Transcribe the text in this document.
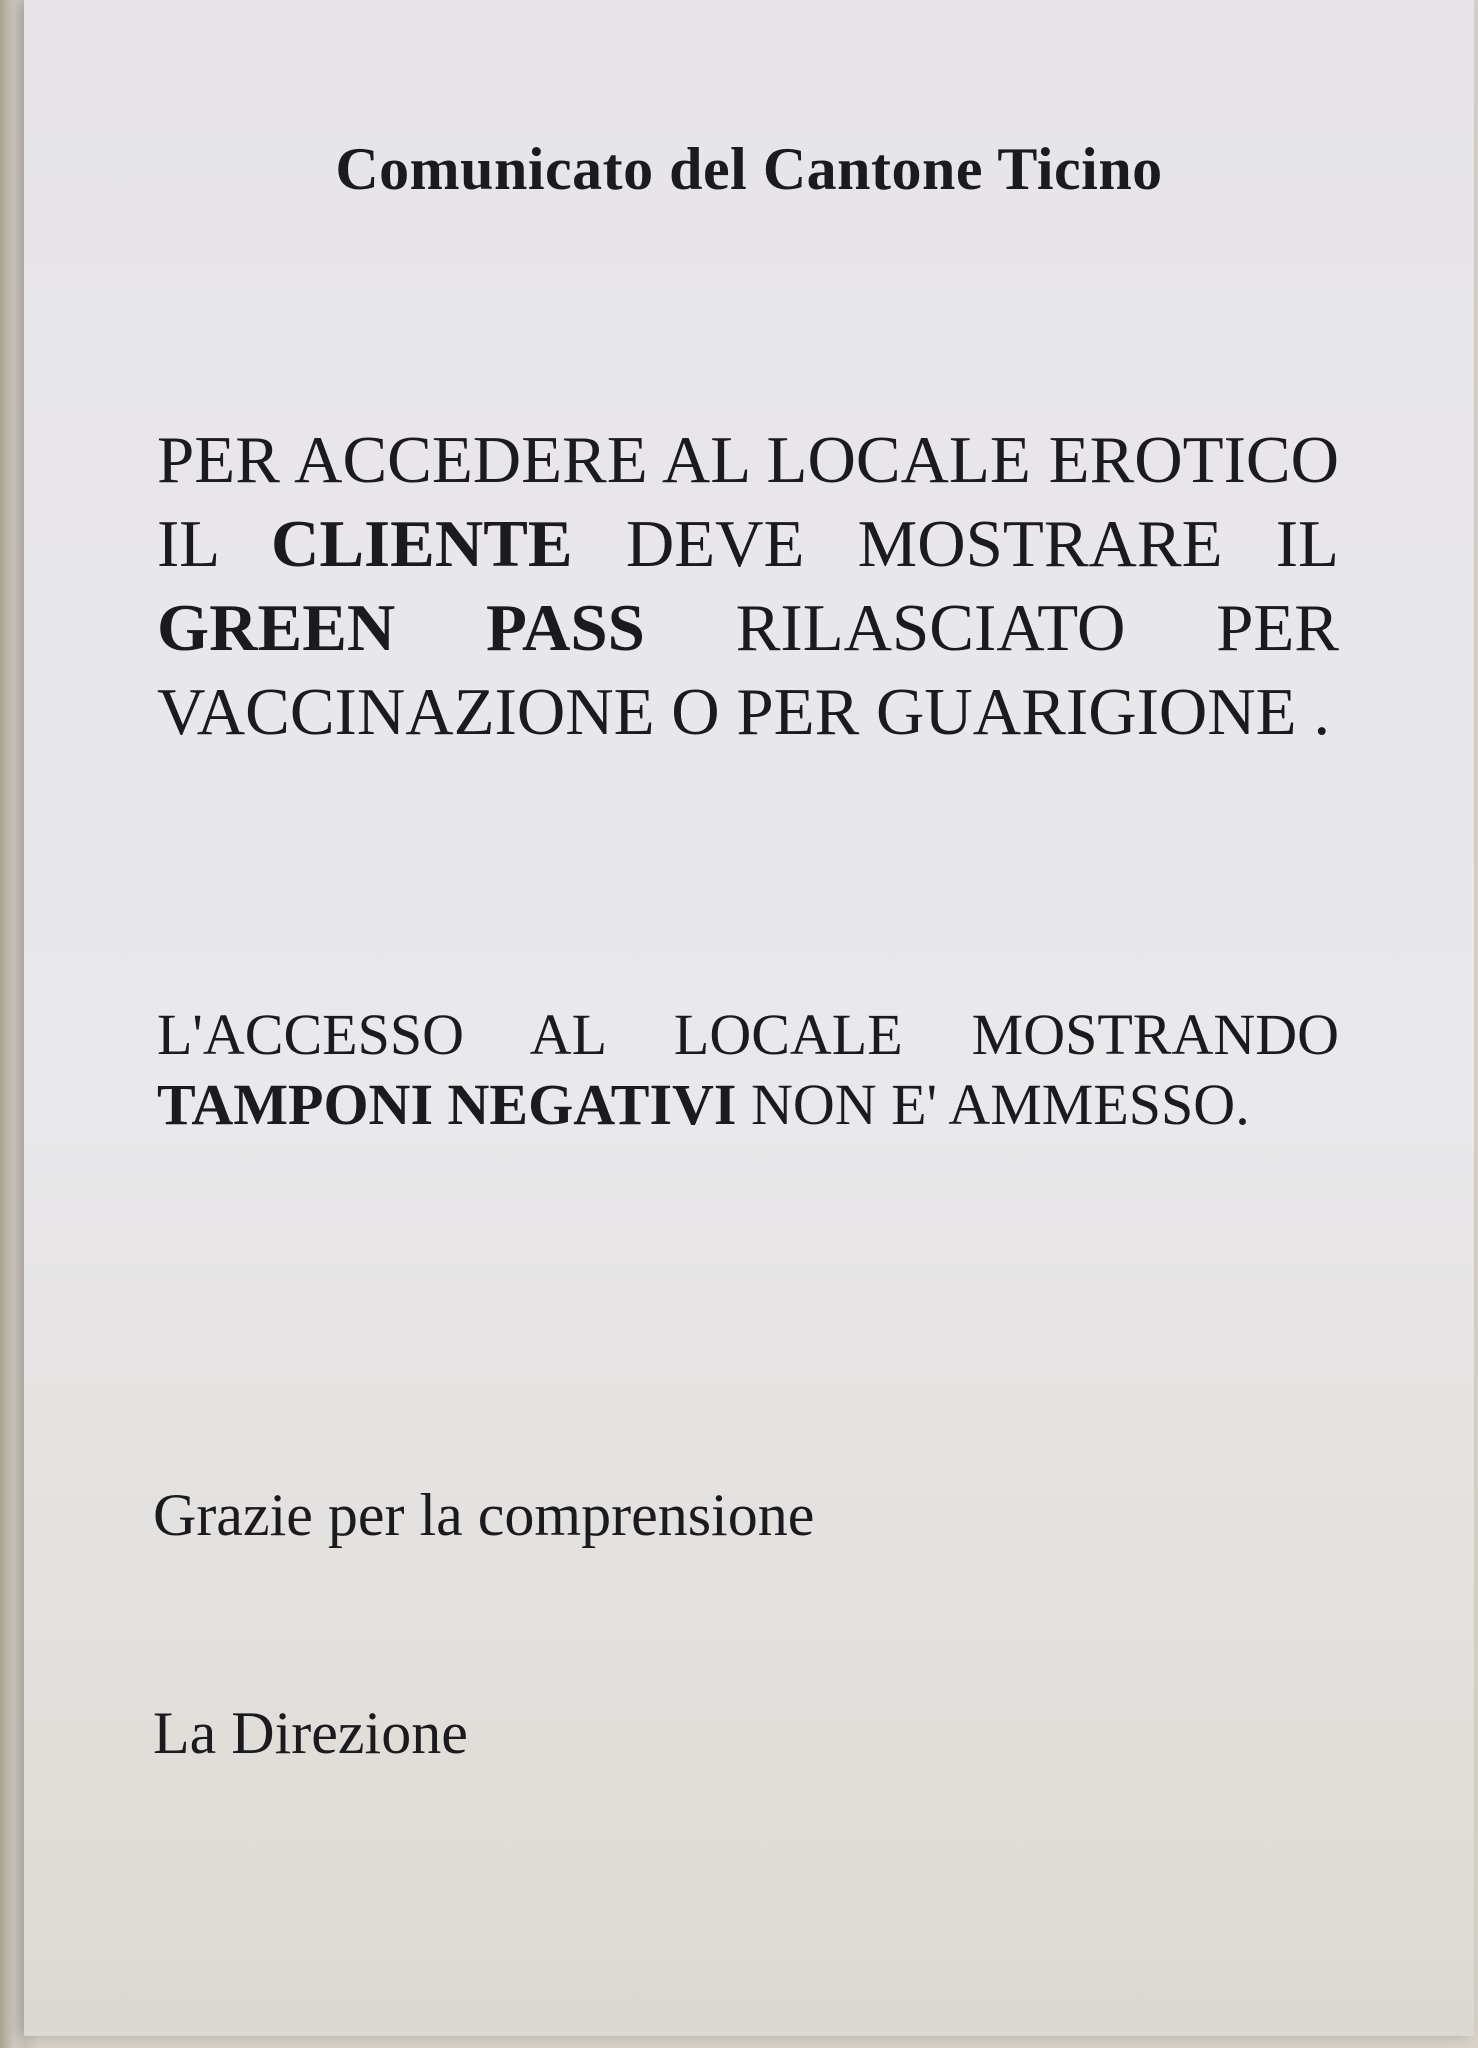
Comunicato del Cantone Ticino

PER ACCEDERE AL LOCALE EROTICO IL CLIENTE DEVE MOSTRARE IL GREEN PASS RILASCIATO PER VACCINAZIONE O PER GUARIGIONE .

L'ACCESSO AL LOCALE MOSTRANDO TAMPONI NEGATIVI NON E' AMMESSO.

Grazie per la comprensione

La Direzione
